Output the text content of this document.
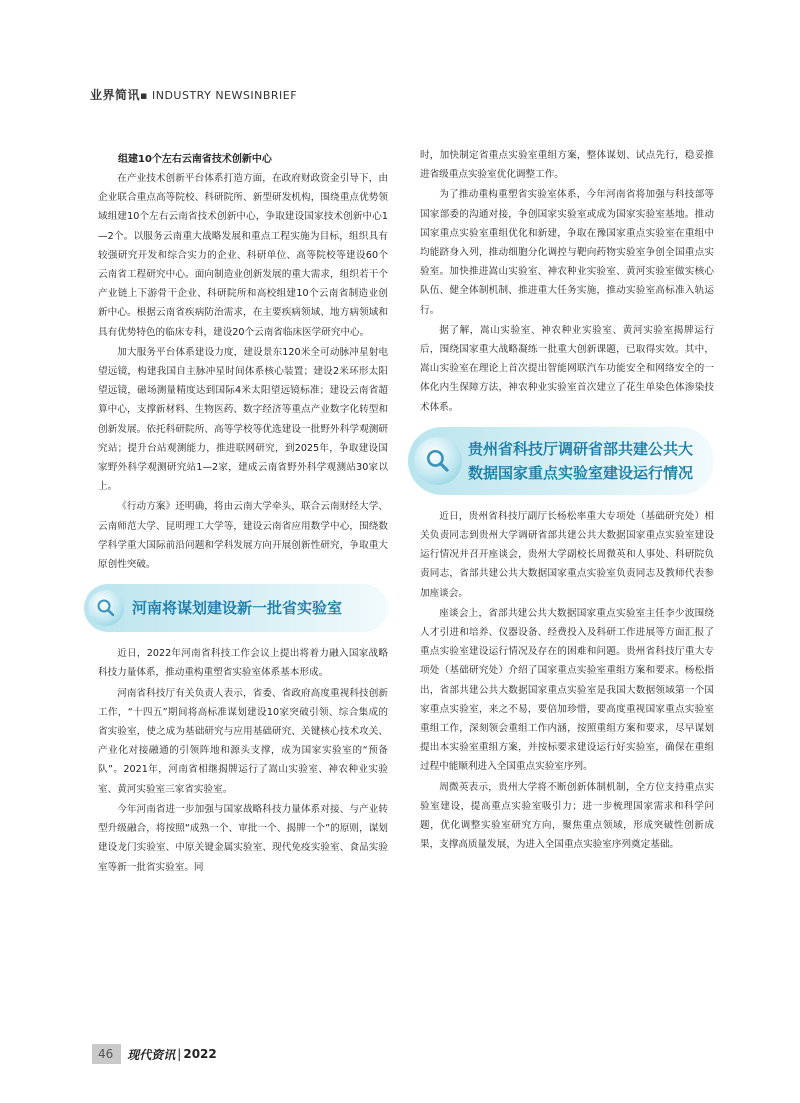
业界简讯▪ INDUSTRY NEWSINBRIEF
组建10个左右云南省技术创新中心

在产业技术创新平台体系打造方面，在政府财政资金引导下，由企业联合重点高等院校、科研院所、新型研发机构，围绕重点优势领域组建10个左右云南省技术创新中心，争取建设国家技术创新中心1—2个。以服务云南重大战略发展和重点工程实施为目标，组织具有较强研究开发和综合实力的企业、科研单位、高等院校等建设60个云南省工程研究中心。面向制造业创新发展的重大需求，组织若干个产业链上下游骨干企业、科研院所和高校组建10个云南省制造业创新中心。根据云南省疾病防治需求，在主要疾病领域、地方病领域和具有优势特色的临床专科，建设20个云南省临床医学研究中心。

加大服务平台体系建设力度，建设景东120米全可动脉冲星射电望远镜，构建我国自主脉冲星时间体系核心装置；建设2米环形太阳望远镜，磁场测量精度达到国际4米太阳望远镜标准；建设云南省超算中心，支撑新材料、生物医药、数字经济等重点产业数字化转型和创新发展。依托科研院所、高等学校等优选建设一批野外科学观测研究站；提升台站观测能力，推进联网研究，到2025年，争取建设国家野外科学观测研究站1—2家，建成云南省野外科学观测站30家以上。

《行动方案》还明确，将由云南大学牵头，联合云南财经大学、云南师范大学、昆明理工大学等，建设云南省应用数学中心，围绕数学科学重大国际前沿问题和学科发展方向开展创新性研究，争取重大原创性突破。

河南将谋划建设新一批省实验室

近日，2022年河南省科技工作会议上提出将着力融入国家战略科技力量体系，推动重构重塑省实验室体系基本形成。

河南省科技厅有关负责人表示，省委、省政府高度重视科技创新工作，“十四五”期间将高标准谋划建设10家突破引领、综合集成的省实验室，使之成为基础研究与应用基础研究、关键核心技术攻关、产业化对接融通的引领阵地和源头支撑，成为国家实验室的“预备队”。2021年，河南省相继揭牌运行了嵩山实验室、神农种业实验室、黄河实验室三家省实验室。

今年河南省进一步加强与国家战略科技力量体系对接、与产业转型升级融合，将按照“成熟一个、审批一个、揭牌一个”的原则，谋划建设龙门实验室、中原关键金属实验室、现代免疫实验室、食品实验室等新一批省实验室。同

时，加快制定省重点实验室重组方案，整体谋划、试点先行，稳妥推进省级重点实验室优化调整工作。

为了推动重构重塑省实验室体系，今年河南省将加强与科技部等国家部委的沟通对接，争创国家实验室或成为国家实验室基地。推动国家重点实验室重组优化和新建，争取在豫国家重点实验室在重组中均能跻身入列，推动细胞分化调控与靶向药物实验室争创全国重点实验室。加快推进嵩山实验室、神农种业实验室、黄河实验室做实核心队伍、健全体制机制、推进重大任务实施，推动实验室高标准入轨运行。

据了解，嵩山实验室、神农种业实验室、黄河实验室揭牌运行后，围绕国家重大战略凝练一批重大创新课题，已取得实效。其中，嵩山实验室在理论上首次提出智能网联汽车功能安全和网络安全的一体化内生保障方法，神农种业实验室首次建立了花生单染色体渗染技术体系。

贵州省科技厅调研省部共建公共大
数据国家重点实验室建设运行情况

近日，贵州省科技厅副厅长杨松率重大专项处（基础研究处）相关负责同志到贵州大学调研省部共建公共大数据国家重点实验室建设运行情况并召开座谈会，贵州大学副校长周微英和人事处、科研院负责同志，省部共建公共大数据国家重点实验室负责同志及教师代表参加座谈会。

座谈会上，省部共建公共大数据国家重点实验室主任李少波围绕人才引进和培养、仪器设备、经费投入及科研工作进展等方面汇报了重点实验室建设运行情况及存在的困难和问题。贵州省科技厅重大专项处（基础研究处）介绍了国家重点实验室重组方案和要求。杨松指出，省部共建公共大数据国家重点实验室是我国大数据领域第一个国家重点实验室，来之不易，要倍加珍惜，要高度重视国家重点实验室重组工作，深刻领会重组工作内涵，按照重组方案和要求，尽早谋划提出本实验室重组方案，并按标要求建设运行好实验室，确保在重组过程中能顺利进入全国重点实验室序列。

周微英表示，贵州大学将不断创新体制机制，全方位支持重点实验室建设，提高重点实验室吸引力；进一步梳理国家需求和科学问题，优化调整实验室研究方向，聚焦重点领域，形成突破性创新成果，支撑高质量发展，为进入全国重点实验室序列奠定基础。

46	现代资讯 | 2022
